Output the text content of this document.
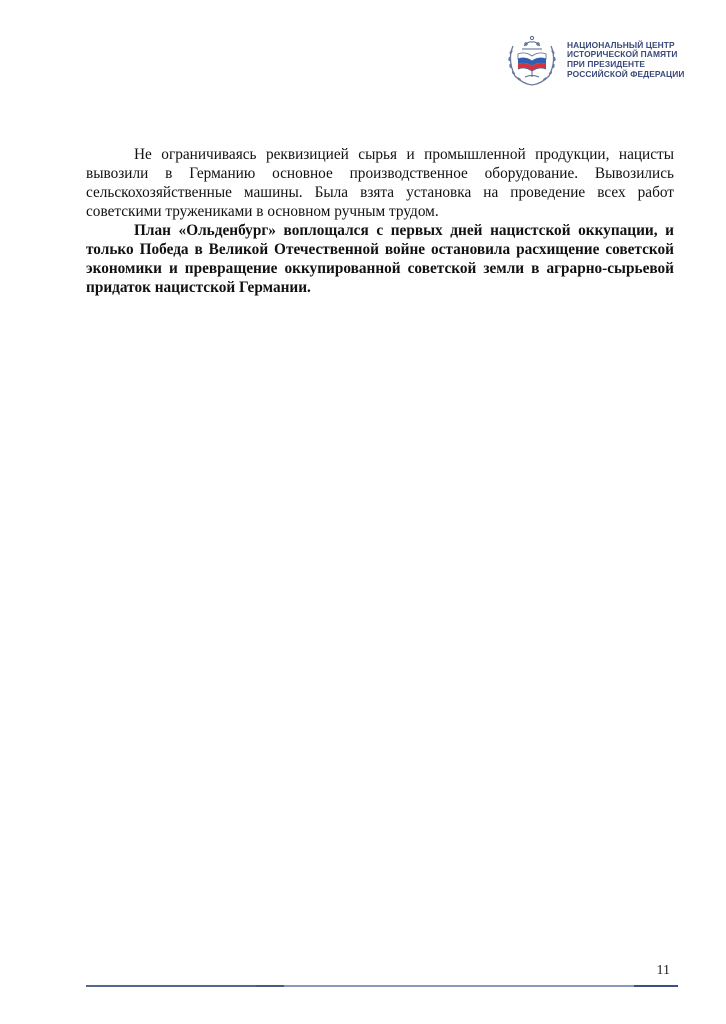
НАЦИОНАЛЬНЫЙ ЦЕНТР
ИСТОРИЧЕСКОЙ ПАМЯТИ
ПРИ ПРЕЗИДЕНТЕ
РОССИЙСКОЙ ФЕДЕРАЦИИ

Не ограничиваясь реквизицией сырья и промышленной продукции, нацисты вывозили в Германию основное производственное оборудование. Вывозились сельскохозяйственные машины. Была взята установка на проведение всех работ советскими тружениками в основном ручным трудом.

План «Ольденбург» воплощался с первых дней нацистской оккупации, и только Победа в Великой Отечественной войне остановила расхищение советской экономики и превращение оккупированной советской земли в аграрно-сырьевой придаток нацистской Германии.

11
